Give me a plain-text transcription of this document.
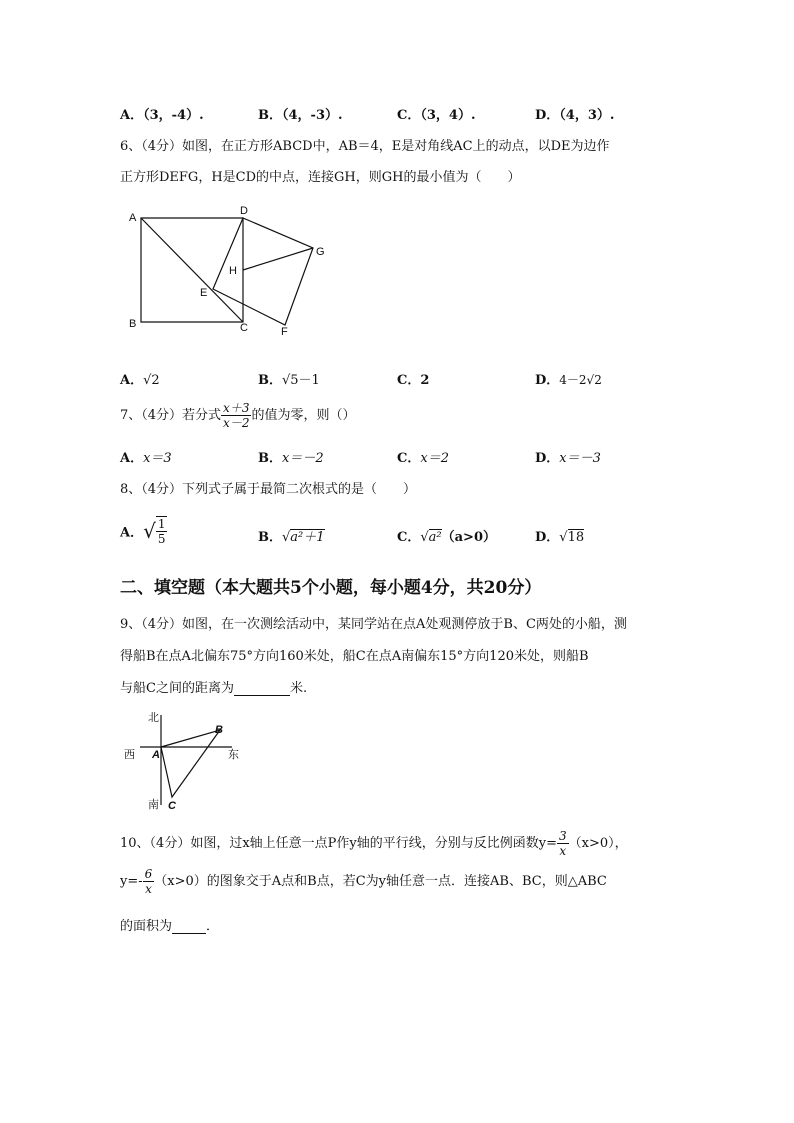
A．（3，-4）.	B．（4，-3）.	C．（3，4）.	D．（4，3）.
6、（4分）如图，在正方形ABCD中，AB＝4，E是对角线AC上的动点，以DE为边作
正方形DEFG，H是CD的中点，连接GH，则GH的最小值为（　　）
A
D
G
H
E
B	C	F
A．√2	B．√5－1	C．2	D．4－2√2
7、（4分）若分式 $\frac{x+3}{x-2}$ 的值为零，则（）
A．x＝3	B．x＝－2	C．x＝2	D．x＝－3
8、（4分）下列式子属于最简二次根式的是（　　）
A．√ $\frac{1}{5}$	B．√a²＋1	C．√a²（a>0）	D．√18
二、填空题（本大题共5个小题，每小题4分，共20分）
9、（4分）如图，在一次测绘活动中，某同学站在点A处观测停放于B、C两处的小船，测
得船B在点A北偏东75°方向160米处，船C在点A南偏东15°方向120米处，则船B
与船C之间的距离为	米.
北
西	东
南
A
B
C
10、（4分）如图，过x轴上任意一点P作y轴的平行线，分别与反比例函数$y= \frac{3}{x} (x>0)$，
$y=- \frac{6}{x} (x>0)$的图象交于A点和B点，若C为y轴任意一点．连接AB、BC，则△ABC
的面积为	．
